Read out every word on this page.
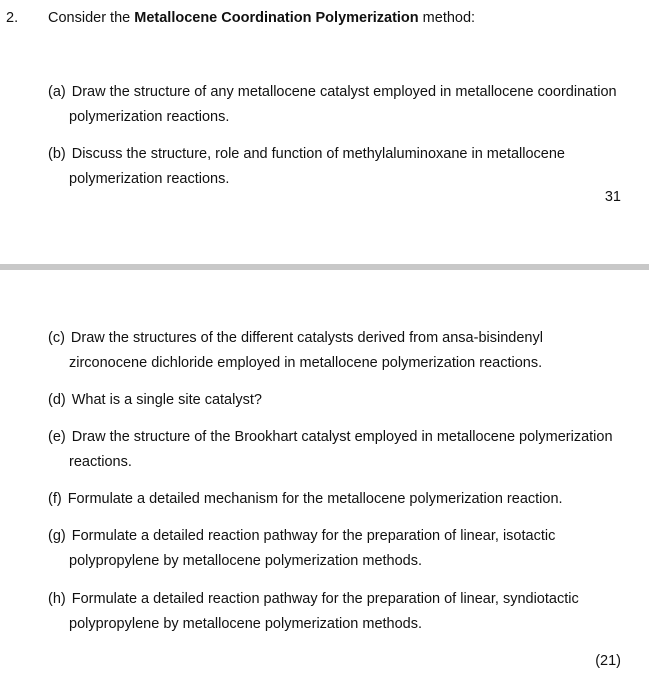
2. Consider the Metallocene Coordination Polymerization method:
(a) Draw the structure of any metallocene catalyst employed in metallocene coordination
polymerization reactions.
(b) Discuss the structure, role and function of methylaluminoxane in metallocene
polymerization reactions.
31
(c) Draw the structures of the different catalysts derived from ansa-bisindenyl
zirconocene dichloride employed in metallocene polymerization reactions.
(d) What is a single site catalyst?
(e) Draw the structure of the Brookhart catalyst employed in metallocene polymerization
reactions.
(f) Formulate a detailed mechanism for the metallocene polymerization reaction.
(g) Formulate a detailed reaction pathway for the preparation of linear, isotactic
polypropylene by metallocene polymerization methods.
(h) Formulate a detailed reaction pathway for the preparation of linear, syndiotactic
polypropylene by metallocene polymerization methods.
(21)
